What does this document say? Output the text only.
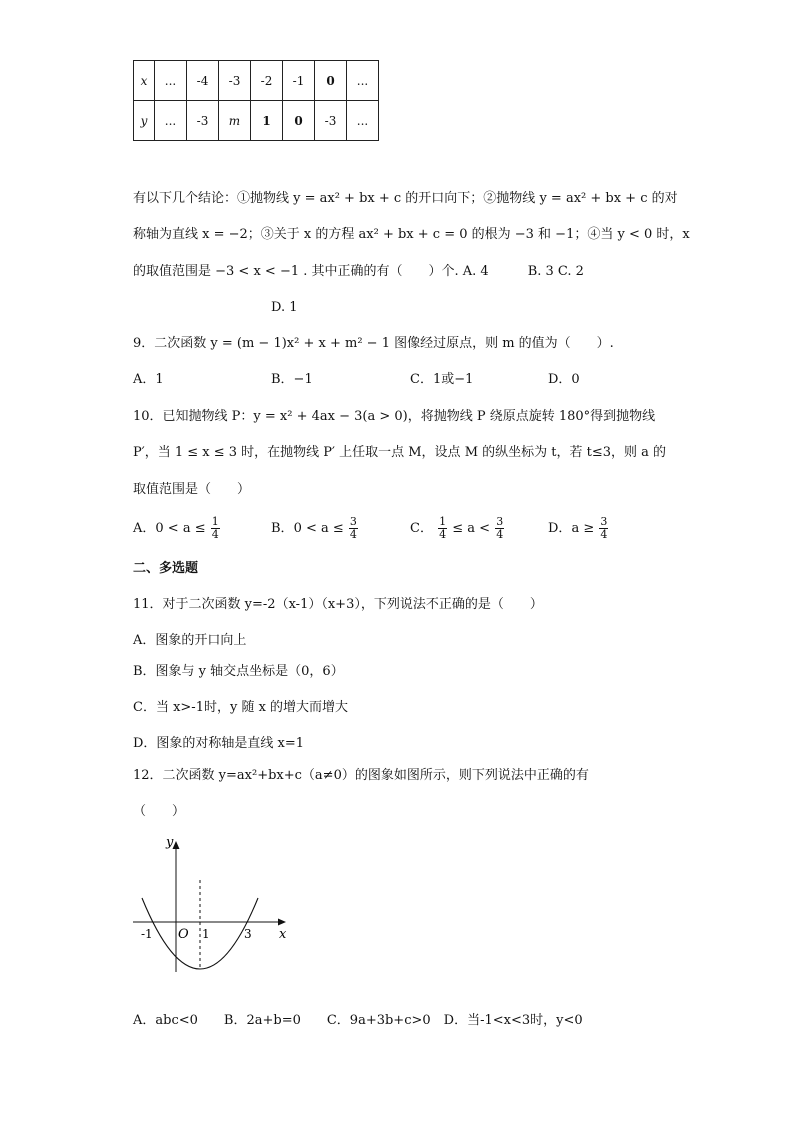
x	...	-4	-3	-2	-1	0	...
y	...	-3	m	1	0	-3	...
有以下几个结论：①抛物线 y = ax² + bx + c 的开口向下；②抛物线 y = ax² + bx + c 的对
称轴为直线 x = −2；③关于 x 的方程 ax² + bx + c = 0 的根为 −3 和 −1；④当 y < 0 时，x
的取值范围是 −3 < x < −1 . 其中正确的有（　　）个. A. 4　　　B. 3 C. 2
D. 1
9．二次函数 y = (m − 1)x² + x + m² − 1 图像经过原点，则 m 的值为（　　）.
A．1	B．−1	C．1或−1	D．0
10．已知抛物线 P：y = x² + 4ax − 3(a > 0)，将抛物线 P 绕原点旋转 180°得到抛物线
P′，当 1 ≤ x ≤ 3 时，在抛物线 P′ 上任取一点 M，设点 M 的纵坐标为 t，若 t≤3，则 a 的
取值范围是（　　）
A．$0 < a \le \frac{1}{4}$	B．$0 < a \le \frac{3}{4}$	C． $\frac{1}{4} \le a < \frac{3}{4}$	D．$a \ge \frac{3}{4}$
二、多选题
11．对于二次函数 y=-2（x-1）（x+3），下列说法不正确的是（　　）
A．图象的开口向上
B．图象与 y 轴交点坐标是（0，6）
C．当 x>-1时，y 随 x 的增大而增大
D．图象的对称轴是直线 x=1
12．二次函数 y=ax²+bx+c（a≠0）的图象如图所示，则下列说法中正确的有
（　　）
y
x
O
-1	1	3
A．abc<0　　B．2a+b=0　　C．9a+3b+c>0　D．当-1<x<3时，y<0
